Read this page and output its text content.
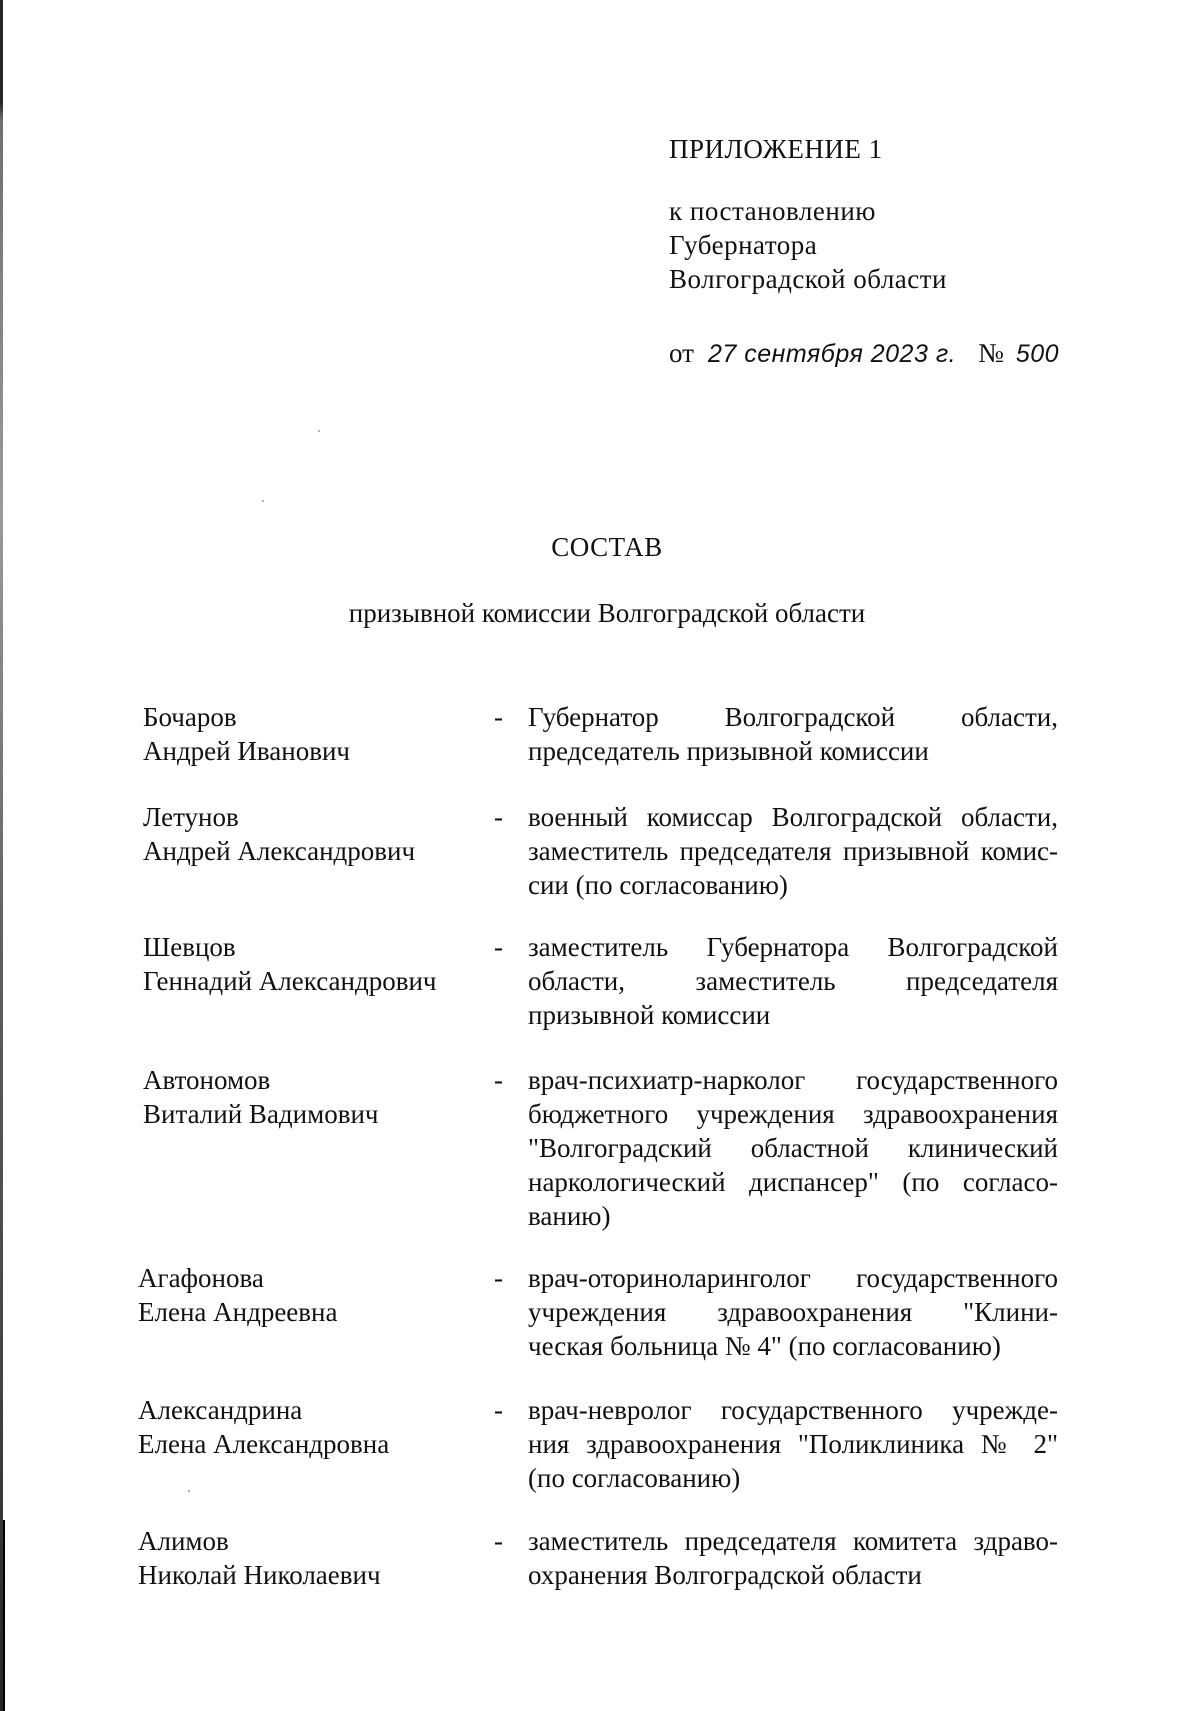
ПРИЛОЖЕНИЕ 1
к постановлению
Губернатора
Волгоградской области
от 27 сентября 2023 г. № 500
СОСТАВ
призывной комиссии Волгоградской области
Бочаров
Андрей Иванович
- Губернатор Волгоградской области,
председатель призывной комиссии
Летунов
Андрей Александрович
- военный комиссар Волгоградской области,
заместитель председателя призывной комис-
сии (по согласованию)
Шевцов
Геннадий Александрович
- заместитель Губернатора Волгоградской
области, заместитель председателя
призывной комиссии
Автономов
Виталий Вадимович
- врач-психиатр-нарколог государственного
бюджетного учреждения здравоохранения
"Волгоградский областной клинический
наркологический диспансер" (по согласо-
ванию)
Агафонова
Елена Андреевна
- врач-оториноларинголог государственного
учреждения здравоохранения "Клини-
ческая больница № 4" (по согласованию)
Александрина
Елена Александровна
- врач-невролог государственного учрежде-
ния здравоохранения "Поликлиника № 2"
(по согласованию)
Алимов
Николай Николаевич
- заместитель председателя комитета здраво-
охранения Волгоградской области
